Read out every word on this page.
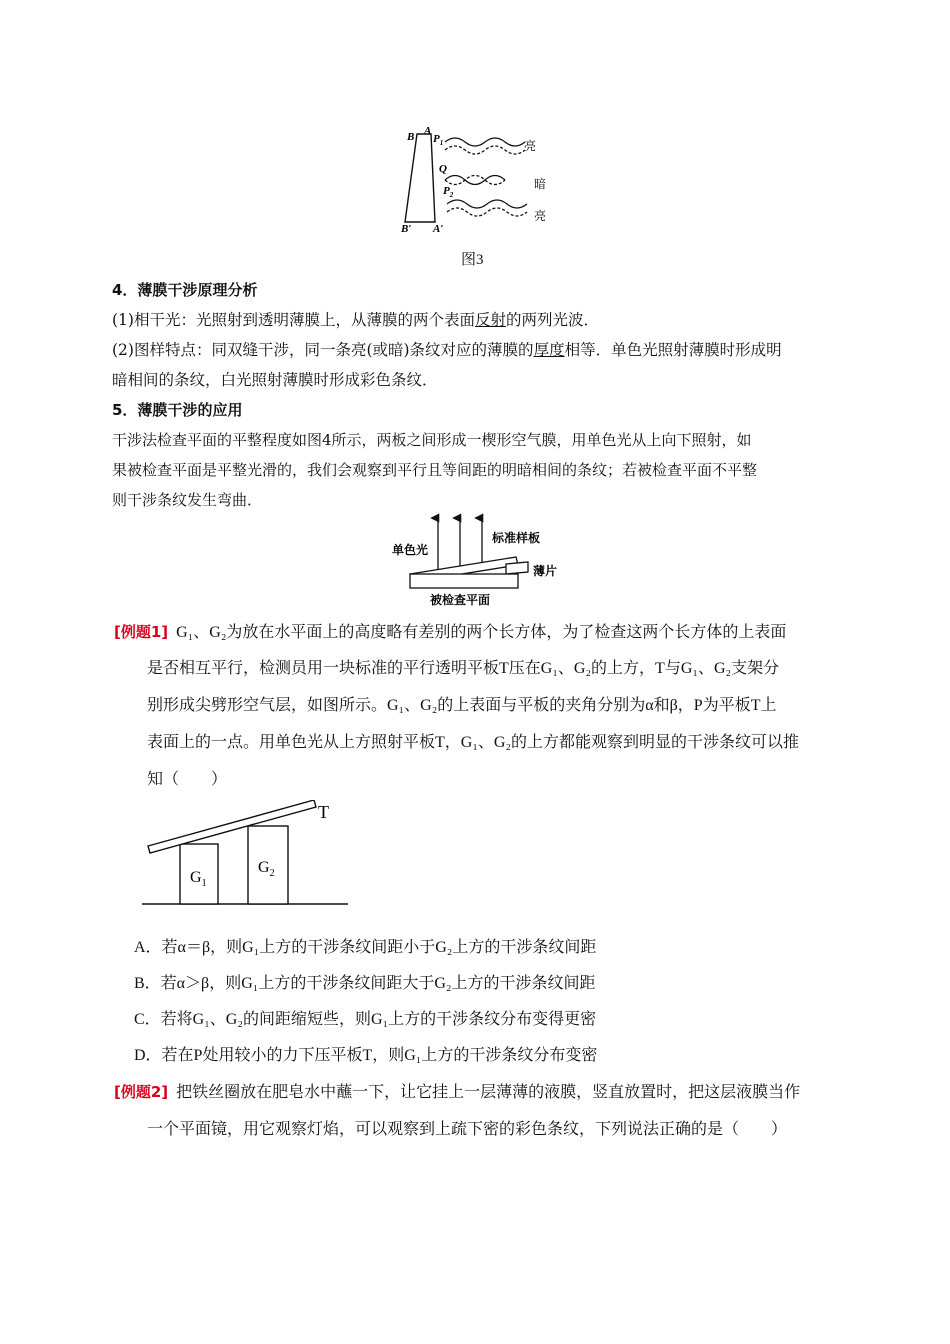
B A
$P_1$
Q
$P_2$
B′ A′
亮
暗
亮
图3
4．薄膜干涉原理分析
(1)相干光：光照射到透明薄膜上，从薄膜的两个表面反射的两列光波．
(2)图样特点：同双缝干涉，同一条亮(或暗)条纹对应的薄膜的厚度相等．单色光照射薄膜时形成明
暗相间的条纹，白光照射薄膜时形成彩色条纹．
5．薄膜干涉的应用
干涉法检查平面的平整程度如图4所示，两板之间形成一楔形空气膜，用单色光从上向下照射，如
果被检查平面是平整光滑的，我们会观察到平行且等间距的明暗相间的条纹；若被检查平面不平整
则干涉条纹发生弯曲．
单色光
标准样板
薄片
被检查平面
[例题1] G₁、G₂为放在水平面上的高度略有差别的两个长方体，为了检查这两个长方体的上表面
是否相互平行，检测员用一块标准的平行透明平板T压在G₁、G₂的上方，T与G₁、G₂支架分
别形成尖劈形空气层，如图所示。G₁、G₂的上表面与平板的夹角分别为α和β，P为平板T上
表面上的一点。用单色光从上方照射平板T，G₁、G₂的上方都能观察到明显的干涉条纹可以推
知（　　）
T
$G_1$
$G_2$
A．若α＝β，则G₁上方的干涉条纹间距小于G₂上方的干涉条纹间距
B．若α＞β，则G₁上方的干涉条纹间距大于G₂上方的干涉条纹间距
C．若将G₁、G₂的间距缩短些，则G₁上方的干涉条纹分布变得更密
D．若在P处用较小的力下压平板T，则G₁上方的干涉条纹分布变密
[例题2] 把铁丝圈放在肥皂水中蘸一下，让它挂上一层薄薄的液膜，竖直放置时，把这层液膜当作
一个平面镜，用它观察灯焰，可以观察到上疏下密的彩色条纹，下列说法正确的是（　　）
